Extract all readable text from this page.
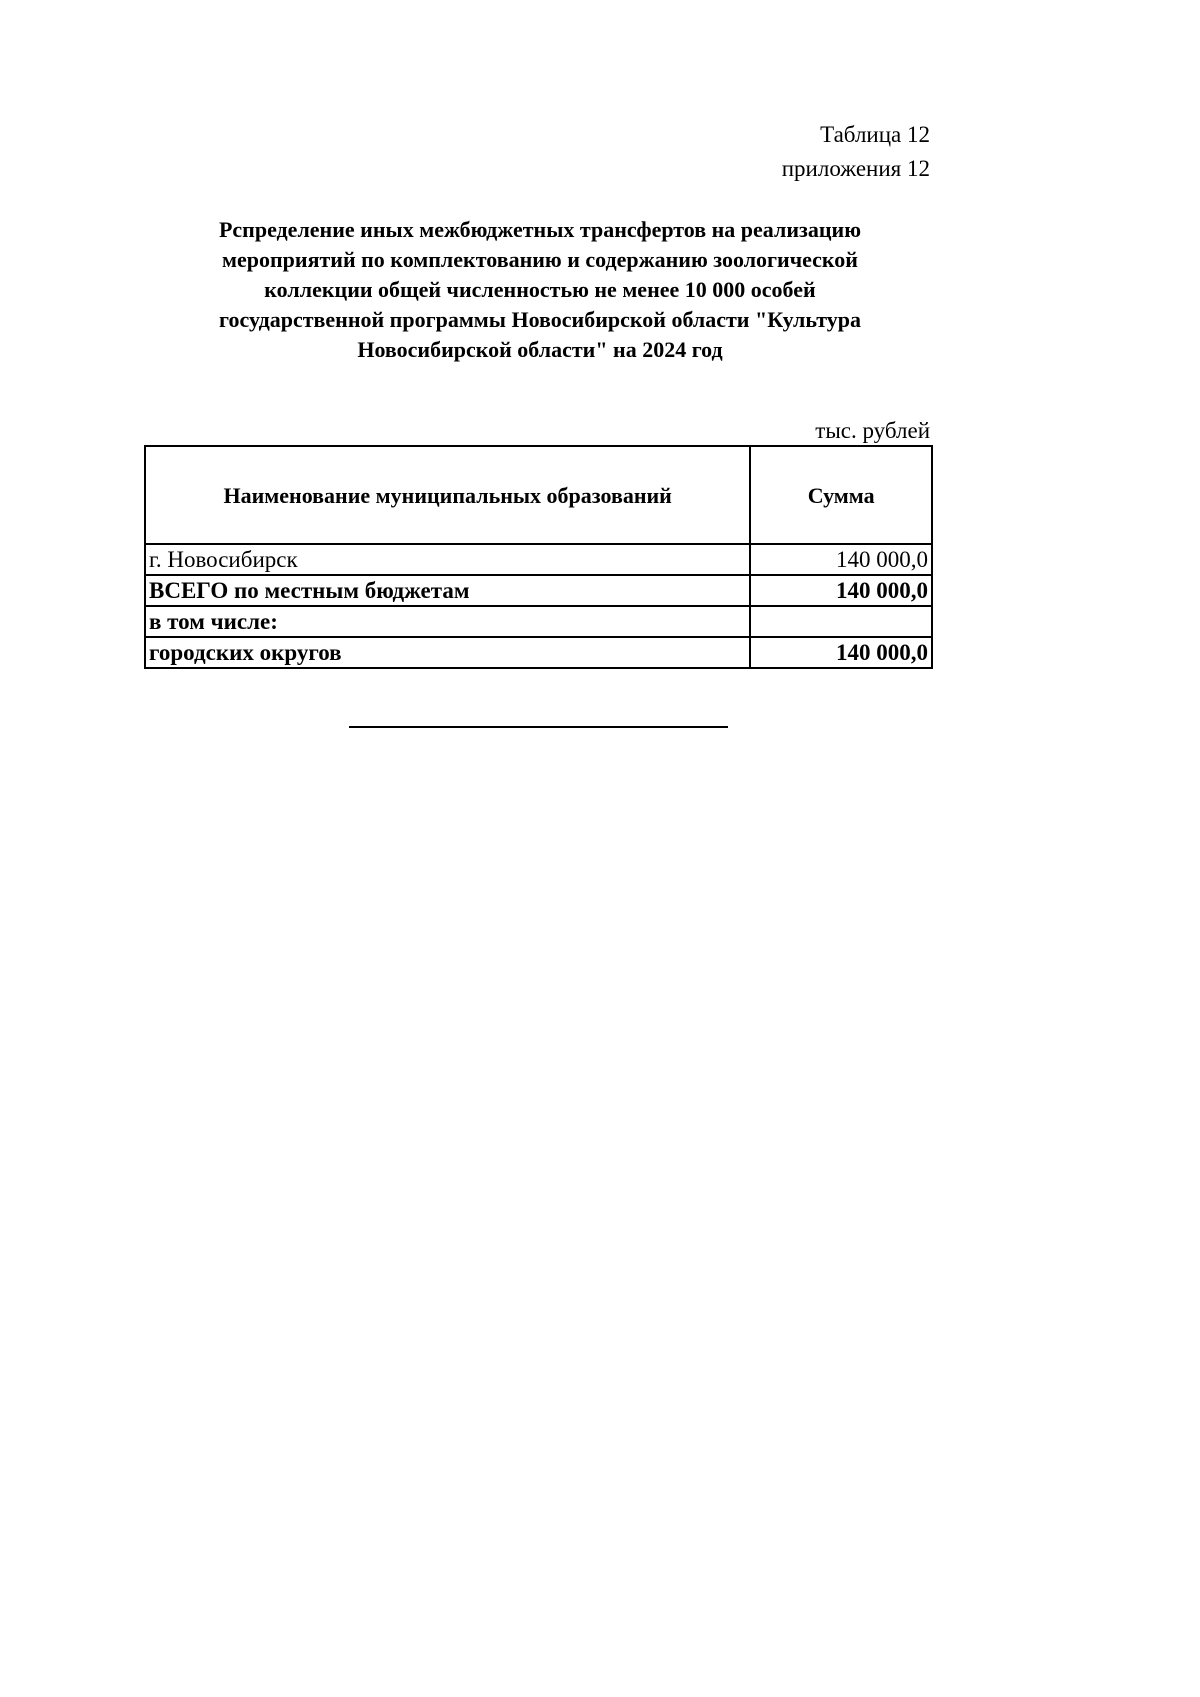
Таблица 12
приложения 12
Рспределение иных межбюджетных трансфертов на реализацию
мероприятий по комплектованию и содержанию зоологической
коллекции общей численностью не менее 10 000 особей
государственной программы Новосибирской области "Культура
Новосибирской области" на 2024 год
тыс. рублей
Наименование муниципальных образований	Сумма
г. Новосибирск	140 000,0
ВСЕГО по местным бюджетам	140 000,0
в том числе:	
городских округов	140 000,0
